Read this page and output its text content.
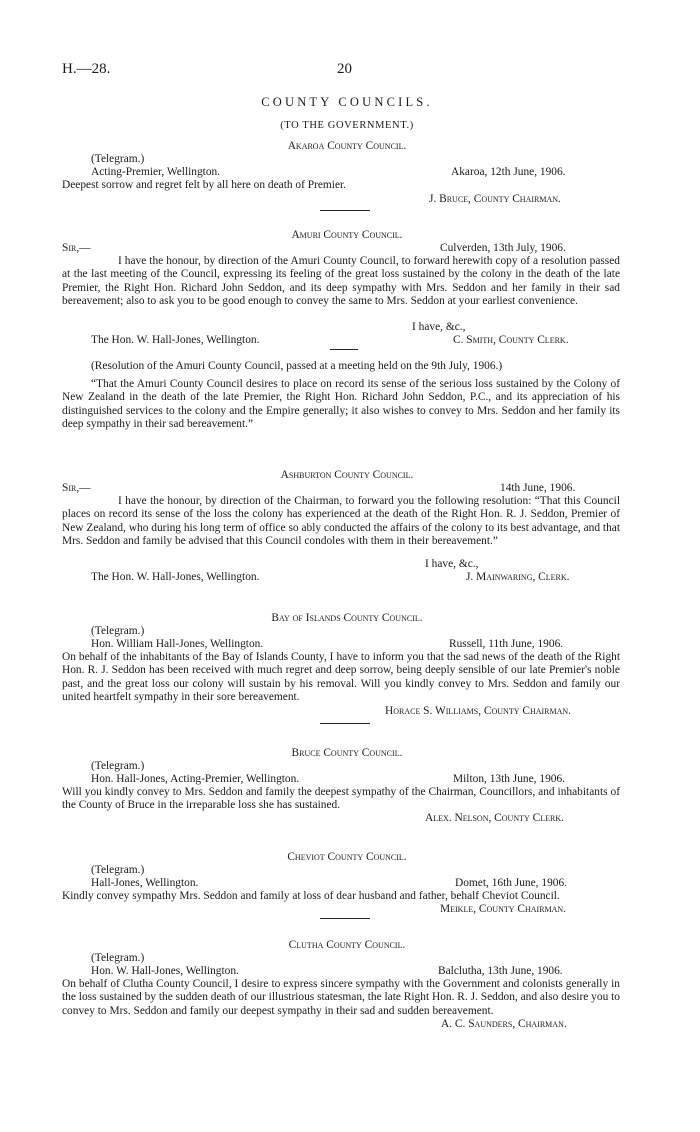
H.—28.	20
COUNTY COUNCILS.
(TO THE GOVERNMENT.)
Akaroa County Council.
(Telegram.)
Acting-Premier, Wellington.	Akaroa, 12th June, 1906.
Deepest sorrow and regret felt by all here on death of Premier.
J. Bruce, County Chairman.
Amuri County Council.
Sir,—	Culverden, 13th July, 1906.
I have the honour, by direction of the Amuri County Council, to forward herewith copy of a resolution passed at the last meeting of the Council, expressing its feeling of the great loss sustained by the colony in the death of the late Premier, the Right Hon. Richard John Seddon, and its deep sympathy with Mrs. Seddon and her family in their sad bereavement; also to ask you to be good enough to convey the same to Mrs. Seddon at your earliest convenience.
I have, &c.,
The Hon. W. Hall-Jones, Wellington.	C. Smith, County Clerk.
(Resolution of the Amuri County Council, passed at a meeting held on the 9th July, 1906.)
“That the Amuri County Council desires to place on record its sense of the serious loss sustained by the Colony of New Zealand in the death of the late Premier, the Right Hon. Richard John Seddon, P.C., and its appreciation of his distinguished services to the colony and the Empire generally; it also wishes to convey to Mrs. Seddon and her family its deep sympathy in their sad bereavement.”
Ashburton County Council.
Sir,—	14th June, 1906.
I have the honour, by direction of the Chairman, to forward you the following resolution: “That this Council places on record its sense of the loss the colony has experienced at the death of the Right Hon. R. J. Seddon, Premier of New Zealand, who during his long term of office so ably conducted the affairs of the colony to its best advantage, and that Mrs. Seddon and family be advised that this Council condoles with them in their bereavement.”
I have, &c.,
The Hon. W. Hall-Jones, Wellington.	J. Mainwaring, Clerk.
Bay of Islands County Council.
(Telegram.)
Hon. William Hall-Jones, Wellington.	Russell, 11th June, 1906.
On behalf of the inhabitants of the Bay of Islands County, I have to inform you that the sad news of the death of the Right Hon. R. J. Seddon has been received with much regret and deep sorrow, being deeply sensible of our late Premier's noble past, and the great loss our colony will sustain by his removal. Will you kindly convey to Mrs. Seddon and family our united heartfelt sympathy in their sore bereavement.
Horace S. Williams, County Chairman.
Bruce County Council.
(Telegram.)
Hon. Hall-Jones, Acting-Premier, Wellington.	Milton, 13th June, 1906.
Will you kindly convey to Mrs. Seddon and family the deepest sympathy of the Chairman, Councillors, and inhabitants of the County of Bruce in the irreparable loss she has sustained.
Alex. Nelson, County Clerk.
Cheviot County Council.
(Telegram.)
Hall-Jones, Wellington.	Domet, 16th June, 1906.
Kindly convey sympathy Mrs. Seddon and family at loss of dear husband and father, behalf Cheviot Council.
Meikle, County Chairman.
Clutha County Council.
(Telegram.)
Hon. W. Hall-Jones, Wellington.	Balclutha, 13th June, 1906.
On behalf of Clutha County Council, I desire to express sincere sympathy with the Government and colonists generally in the loss sustained by the sudden death of our illustrious statesman, the late Right Hon. R. J. Seddon, and also desire you to convey to Mrs. Seddon and family our deepest sympathy in their sad and sudden bereavement.
A. C. Saunders, Chairman.
